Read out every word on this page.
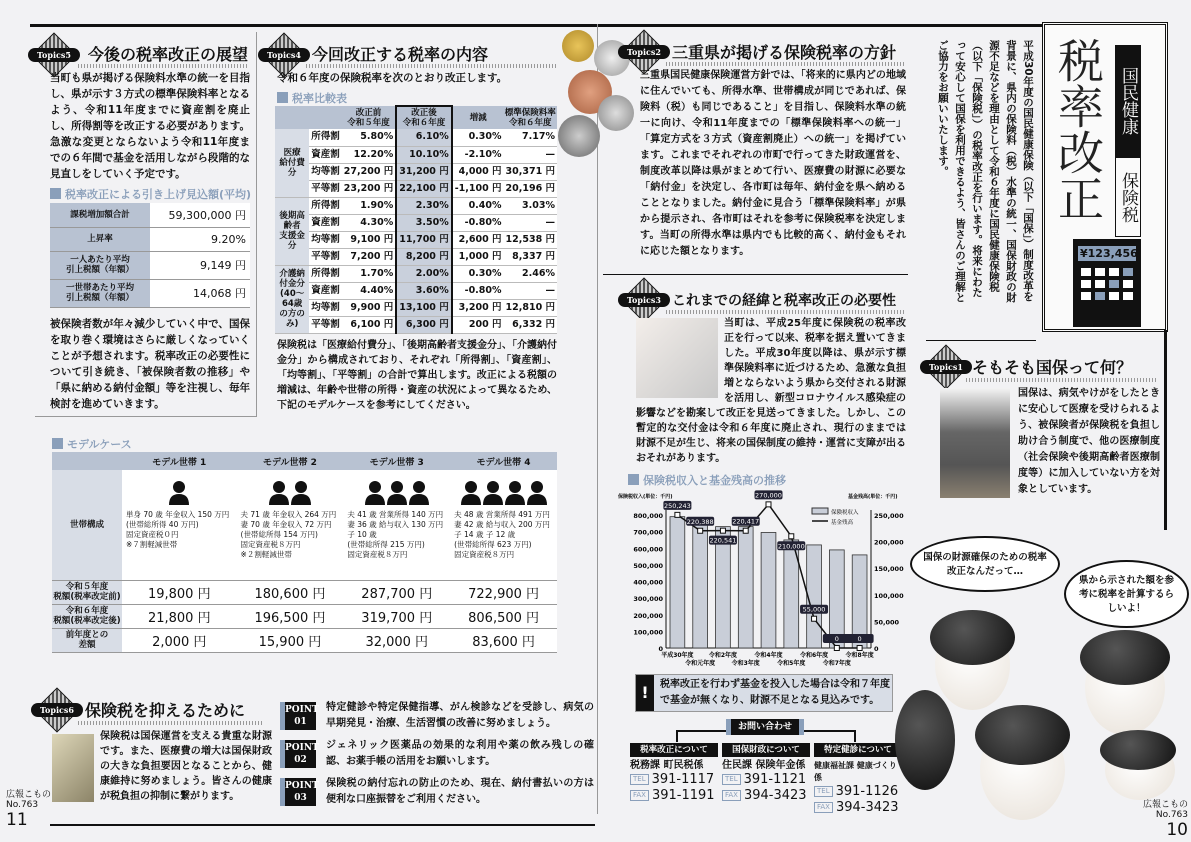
Topics5	今後の税率改正の展望
当町も県が掲げる保険料水準の統一を目指し、県が示す３方式の標準保険料率となるよう、令和11年度までに資産割を廃止し、所得割等を改正する必要があります。急激な変更とならないよう令和11年度までの６年間で基金を活用しながら段階的な見直しをしていく予定です。
税率改正による引き上げ見込額(平均)
課税増加額合計	59,300,000 円
上昇率	9.20%
一人あたり平均
引上税額（年額）	9,149 円
一世帯あたり平均
引上税額（年額）	14,068 円
被保険者数が年々減少していく中で、国保を取り巻く環境はさらに厳しくなっていくことが予想されます。税率改正の必要性について引き続き、「被保険者数の推移」や「県に納める納付金額」等を注視し、毎年検討を進めていきます。
Topics4 今回改正する税率の内容
令和６年度の保険税率を次のとおり改正します。
税率比較表
		改正前
令和５年度	改正後
令和６年度	増減	標準保険料率
令和６年度
医療
給付費分	所得割	5.80%	6.10%	0.30%	7.17%
	資産割	12.20%	10.10%	-2.10%	—
	均等割	27,200 円	31,200 円	4,000 円	30,371 円
	平等割	23,200 円	22,100 円	-1,100 円	20,196 円
後期高齢者
支援金分	所得割	1.90%	2.30%	0.40%	3.03%
	資産割	4.30%	3.50%	-0.80%	—
	均等割	9,100 円	11,700 円	2,600 円	12,538 円
	平等割	7,200 円	8,200 円	1,000 円	8,337 円
介護納付金分
(40～64歳
の方のみ)	所得割	1.70%	2.00%	0.30%	2.46%
	資産割	4.40%	3.60%	-0.80%	—
	均等割	9,900 円	13,100 円	3,200 円	12,810 円
	平等割	6,100 円	6,300 円	200 円	6,332 円
保険税は「医療給付費分」、「後期高齢者支援金分」、「介護納付金分」から構成されており、それぞれ「所得割」、「資産割」、「均等割」、「平等割」の合計で算出します。改正による税額の増減は、年齢や世帯の所得・資産の状況によって異なるため、下記のモデルケースを参考にしてください。
モデルケース
	モデル世帯 1	モデル世帯 2	モデル世帯 3	モデル世帯 4
世帯構成				
	単身 70 歳 年金収入 150 万円
(世帯総所得 40 万円)
固定資産税０円
※７割軽減世帯	夫 71 歳 年金収入 264 万円
妻 70 歳 年金収入 72 万円
(世帯総所得 154 万円)
固定資産税８万円
※２割軽減世帯	夫 41 歳 営業所得 140 万円
妻 36 歳 給与収入 130 万円
子 10 歳
(世帯総所得 215 万円)
固定資産税８万円	夫 48 歳 営業所得 491 万円
妻 42 歳 給与収入 200 万円
子 14 歳 子 12 歳
(世帯総所得 623 万円)
固定資産税８万円
令和５年度
税額(税率改定前)	19,800 円	180,600 円	287,700 円	722,900 円
令和６年度
税額(税率改定後)	21,800 円	196,500 円	319,700 円	806,500 円
前年度との
差額	2,000 円	15,900 円	32,000 円	83,600 円
Topics6 保険税を抑えるために
保険税は国保運営を支える貴重な財源です。また、医療費の増大は国保財政の大きな負担要因となることから、健康維持に努めましょう。皆さんの健康が税負担の抑制に繋がります。
POINT
01
特定健診や特定保健指導、がん検診などを受診し、病気の早期発見・治療、生活習慣の改善に努めましょう。
POINT
02
ジェネリック医薬品の効果的な利用や薬の飲み残しの確認、お薬手帳の活用をお願いします。
POINT
03
保険税の納付忘れの防止のため、現在、納付書払いの方は便利な口座振替をご利用ください。
広報こもの
No.763
11
Topics2 三重県が掲げる保険税率の方針
三重県国民健康保険運営方針では、「将来的に県内どの地域に住んでいても、所得水準、世帯構成が同じであれば、保険料（税）も同じであること」を目指し、保険料水準の統一に向け、令和11年度までの「標準保険料率への統一」「算定方式を３方式（資産割廃止）への統一」を掲げています。これまでそれぞれの市町で行ってきた財政運営を、制度改革以降は県がまとめて行い、医療費の財源に必要な「納付金」を決定し、各市町は毎年、納付金を県へ納めることとなりました。納付金に見合う「標準保険料率」が県から提示され、各市町はそれを参考に保険税率を決定します。当町の所得水準は県内でも比較的高く、納付金もそれに応じた額となります。
Topics3 これまでの経緯と税率改正の必要性
当町は、平成25年度に保険税の税率改正を行って以来、税率を据え置いてきました。平成30年度以降は、県が示す標準保険料率に近づけるため、急激な負担増とならないよう県から交付される財源を活用し、新型コロナウイルス感染症の影響などを勘案して改正を見送ってきました。しかし、この暫定的な交付金は令和６年度に廃止され、現行のままでは財源不足が生じ、将来の国保制度の維持・運営に支障が出るおそれがあります。
保険税収入と基金残高の推移
保険税収入(単位：千円)	基金残高(単位：千円)
800,000
700,000
600,000
500,000
400,000
300,000
200,000
100,000
0
250,000
200,000
150,000
100,000
50,000
0
250,243
220,388
220,541
220,417
270,000
210,000
55,000
0	0
平成30年度
令和元年度
令和2年度
令和3年度
令和4年度
令和5年度
令和6年度
令和7年度
令和8年度
保険税収入
基金残高
!	税率改正を行わず基金を投入した場合は令和７年度で基金が無くなり、財源不足となる見込みです。
お問い合わせ
税率改正について
税務課 町民税係
TEL 391-1117
FAX 391-1191
国保財政について
住民課 保険年金係
TEL 391-1121
FAX 394-3423
特定健診について
健康福祉課 健康づくり係
TEL 391-1126
FAX 394-3423
平成30年度の国民健康保険（以下「国保」）制度改革を背景に、県内の保険料（税）水準の統一、国保財政の財源不足などを理由として令和６年度に国民健康保険税（以下「保険税」）の税率改正を行います。将来にわたって安心して国保を利用できるよう、皆さんのご理解とご協力をお願いいたします。	税率改正 国民健康
保険税
¥123,456
Topics1 そもそも国保って何？
国保は、病気やけがをしたときに安心して医療を受けられるよう、被保険者が保険税を負担し助け合う制度で、他の医療制度（社会保険や後期高齢者医療制度等）に加入していない方を対象としています。
国保の財源確保のための税率改正なんだって…
県から示された額を参考に税率を計算するらしいよ！
広報こもの
No.763
10
